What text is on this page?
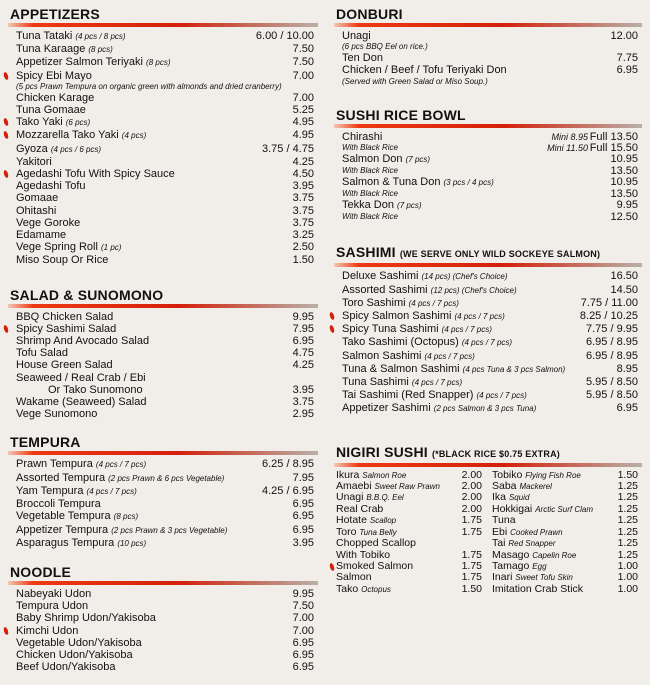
APPETIZERS
Tuna Tataki (4 pcs / 8 pcs)	6.00 / 10.00
Tuna Karaage (8 pcs)	7.50
Appetizer Salmon Teriyaki (8 pcs)	7.50
Spicy Ebi Mayo	7.00
(5 pcs Prawn Tempura on organic green with almonds and dried cranberry)
Chicken Karage	7.00
Tuna Gomaae	5.25
Tako Yaki (6 pcs)	4.95
Mozzarella Tako Yaki (4 pcs)	4.95
Gyoza (4 pcs / 6 pcs)	3.75 / 4.75
Yakitori	4.25
Agedashi Tofu With Spicy Sauce	4.50
Agedashi Tofu	3.95
Gomaae	3.75
Ohitashi	3.75
Vege Goroke	3.75
Edamame	3.25
Vege Spring Roll (1 pc)	2.50
Miso Soup Or Rice	1.50
SALAD & SUNOMONO
BBQ Chicken Salad	9.95
Spicy Sashimi Salad	7.95
Shrimp And Avocado Salad	6.95
Tofu Salad	4.75
House Green Salad	4.25
Seaweed / Real Crab / Ebi
Or Tako Sunomono	3.95
Wakame (Seaweed) Salad	3.75
Vege Sunomono	2.95
TEMPURA
Prawn Tempura (4 pcs / 7 pcs)	6.25 / 8.95
Assorted Tempura (2 pcs Prawn & 6 pcs Vegetable)	7.95
Yam Tempura (4 pcs / 7 pcs)	4.25 / 6.95
Broccoli Tempura	6.95
Vegetable Tempura (8 pcs)	6.95
Appetizer Tempura (2 pcs Prawn & 3 pcs Vegetable)	6.95
Asparagus Tempura (10 pcs)	3.95
NOODLE
Nabeyaki Udon	9.95
Tempura Udon	7.50
Baby Shrimp Udon/Yakisoba	7.00
Kimchi Udon	7.00
Vegetable Udon/Yakisoba	6.95
Chicken Udon/Yakisoba	6.95
Beef Udon/Yakisoba	6.95
DONBURI
Unagi	12.00
(6 pcs BBQ Eel on rice.)
Ten Don	7.75
Chicken / Beef / Tofu Teriyaki Don	6.95
(Served with Green Salad or Miso Soup.)
SUSHI RICE BOWL
Chirashi	Mini 8.95 Full 13.50
With Black Rice	Mini 11.50 Full 15.50
Salmon Don (7 pcs)	10.95
With Black Rice	13.50
Salmon & Tuna Don (3 pcs / 4 pcs)	10.95
With Black Rice	13.50
Tekka Don (7 pcs)	9.95
With Black Rice	12.50
SASHIMI (WE SERVE ONLY WILD SOCKEYE SALMON)
Deluxe Sashimi (14 pcs) (Chef's Choice)	16.50
Assorted Sashimi (12 pcs) (Chef's Choice)	14.50
Toro Sashimi (4 pcs / 7 pcs)	7.75 / 11.00
Spicy Salmon Sashimi (4 pcs / 7 pcs)	8.25 / 10.25
Spicy Tuna Sashimi (4 pcs / 7 pcs)	7.75 / 9.95
Tako Sashimi (Octopus) (4 pcs / 7 pcs)	6.95 / 8.95
Salmon Sashimi (4 pcs / 7 pcs)	6.95 / 8.95
Tuna & Salmon Sashimi (4 pcs Tuna & 3 pcs Salmon)	8.95
Tuna Sashimi (4 pcs / 7 pcs)	5.95 / 8.50
Tai Sashimi (Red Snapper) (4 pcs / 7 pcs)	5.95 / 8.50
Appetizer Sashimi (2 pcs Salmon & 3 pcs Tuna)	6.95
NIGIRI SUSHI (*BLACK RICE $0.75 EXTRA)
Ikura Salmon Roe	2.00
Amaebi Sweet Raw Prawn 2.00
Unagi B.B.Q. Eel	2.00
Real Crab	2.00
Hotate Scallop	1.75
Toro Tuna Belly	1.75
Chopped Scallop
With Tobiko	1.75
Smoked Salmon	1.75
Salmon	1.75
Tako Octopus	1.50
Tobiko Flying Fish Roe	1.50
Saba Mackerel	1.25
Ika Squid	1.25
Hokkigai Arctic Surf Clam 1.25
Tuna	1.25
Ebi Cooked Prawn	1.25
Tai Red Snapper	1.25
Masago Capelin Roe	1.25
Tamago Egg	1.00
Inari Sweet Tofu Skin	1.00
Imitation Crab Stick	1.00
